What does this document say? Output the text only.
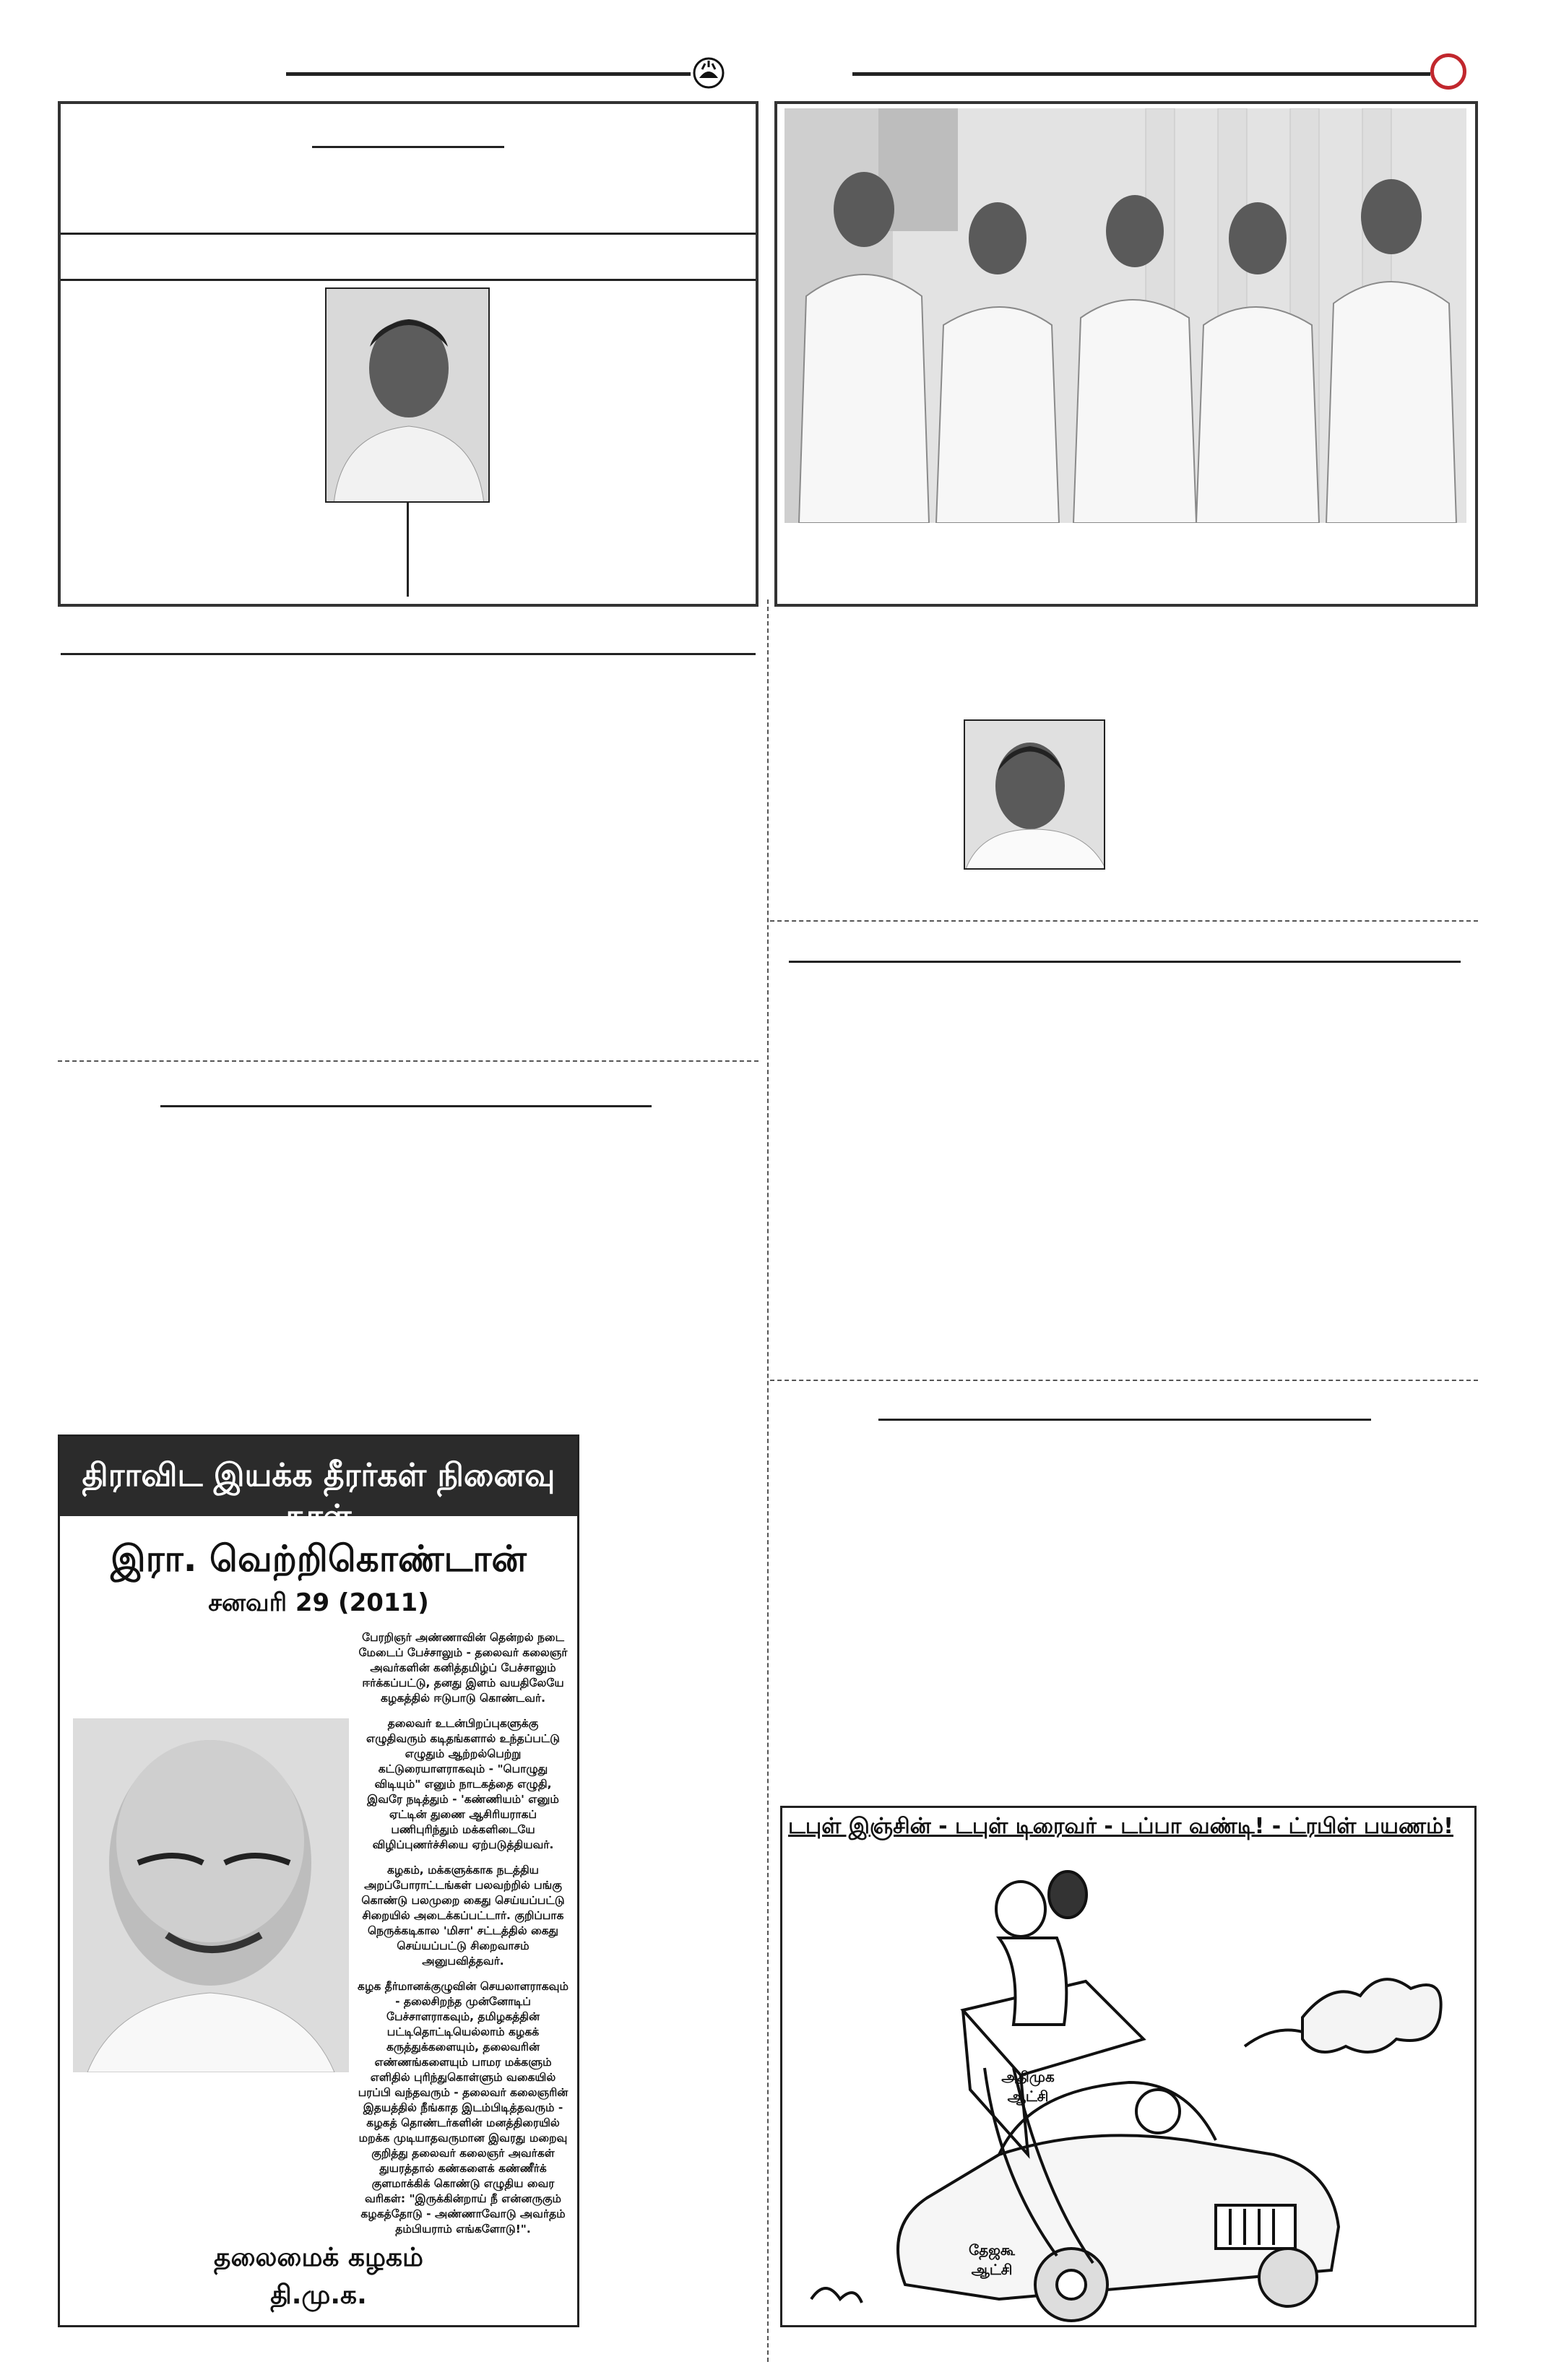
திராவிட இயக்க தீரர்கள் நினைவு நாள்
இரா. வெற்றிகொண்டான்
சனவரி 29 (2011)

பேரறிஞர் அண்ணாவின் தென்றல் நடை மேடைப் பேச்சாலும் - தலைவர் கலைஞர் அவர்களின் கனித்தமிழ்ப் பேச்சாலும் ஈர்க்கப்பட்டு, தனது இளம் வயதிலேயே கழகத்தில் ஈடுபாடு கொண்டவர்.

தலைவர் உடன்பிறப்புகளுக்கு எழுதிவரும் கடிதங்களால் உந்தப்பட்டு எழுதும் ஆற்றல்பெற்று கட்டுரையாளராகவும் - "பொழுது விடியும்" எனும் நாடகத்தை எழுதி, இவரே நடித்தும் - 'கண்ணியம்' எனும் ஏட்டின் துணை ஆசிரியராகப் பணிபுரிந்தும் மக்களிடையே விழிப்புணர்ச்சியை ஏற்படுத்தியவர்.

கழகம், மக்களுக்காக நடத்திய அறப்போராட்டங்கள் பலவற்றில் பங்கு கொண்டு பலமுறை கைது செய்யப்பட்டு சிறையில் அடைக்கப்பட்டார். குறிப்பாக நெருக்கடிகால 'மிசா' சட்டத்தில் கைது செய்யப்பட்டு சிறைவாசம் அனுபவித்தவர்.

கழக தீர்மானக்குழுவின் செயலாளராகவும் - தலைசிறந்த முன்னோடிப் பேச்சாளராகவும், தமிழகத்தின் பட்டிதொட்டியெல்லாம் கழகக் கருத்துக்களையும், தலைவரின் எண்ணங்களையும் பாமர மக்களும் எளிதில் புரிந்துகொள்ளும் வகையில் பரப்பி வந்தவரும் - தலைவர் கலைஞரின் இதயத்தில் நீங்காத இடம்பிடித்தவரும் - கழகத் தொண்டர்களின் மனத்திரையில் மறக்க முடியாதவருமான இவரது மறைவு குறித்து தலைவர் கலைஞர் அவர்கள் துயரத்தால் கண்களைக் கண்ணீர்க் குளமாக்கிக் கொண்டு எழுதிய வைர வரிகள்: "இருக்கின்றாய் நீ என்னருகும் கழகத்தோடு - அண்ணாவோடு அவர்தம் தம்பியராம் எங்களோடு!".

தலைமைக் கழகம்
தி.மு.க.
டபுள் இஞ்சின் - டபுள் டிரைவர் - டப்பா வண்டி! - ட்ரபிள் பயணம்!
அதிமுக ஆட்சி
தேஜகூ ஆட்சி
